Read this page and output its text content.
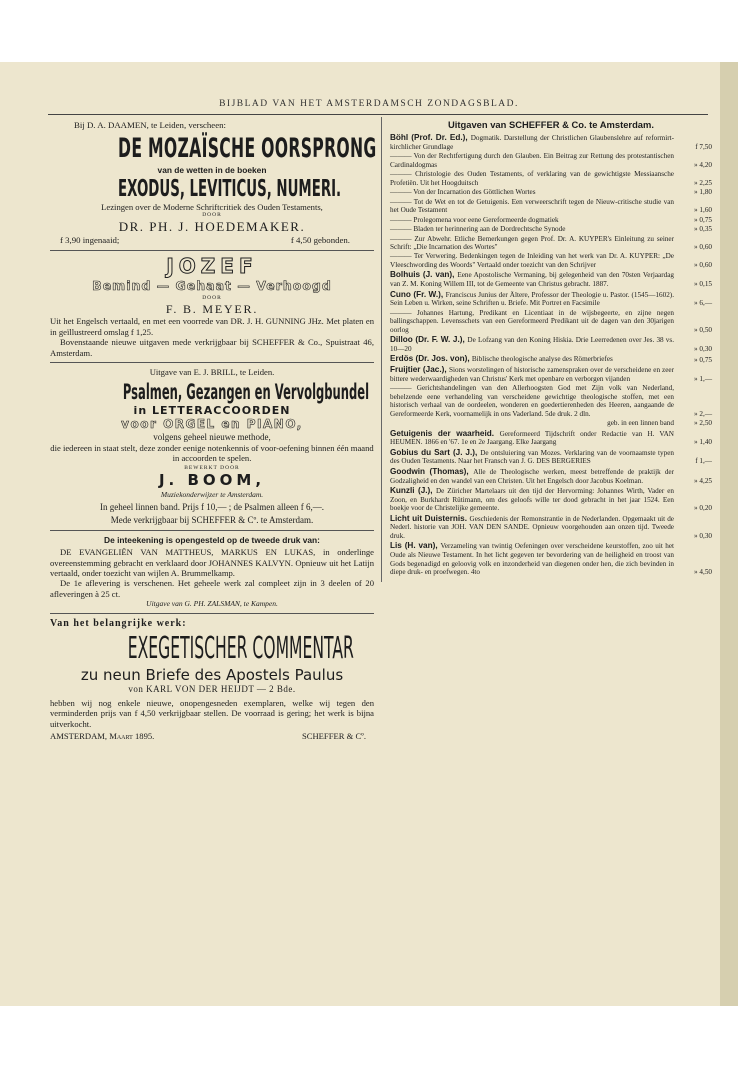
BIJBLAD VAN HET AMSTERDAMSCH ZONDAGSBLAD.
Bij D. A. DAAMEN, te Leiden, verscheen:
DE MOZAÏSCHE OORSPRONG
van de wetten in de boeken
EXODUS, LEVITICUS, NUMERI.
Lezingen over de Moderne Schriftcritiek des Ouden Testaments,
DOOR
DR. PH. J. HOEDEMAKER.
f 3,90 ingenaaid;	f 4,50 gebonden.
JOZEF
Bemind — Gehaat — Verhoogd
DOOR
F. B. MEYER.
Uit het Engelsch vertaald, en met een voorrede van DR. J. H. GUNNING JHz. Met platen en in geïllustreerd omslag f 1,25.
Bovenstaande nieuwe uitgaven mede verkrijgbaar bij SCHEFFER & Co., Spuistraat 46, Amsterdam.
Uitgave van E. J. BRILL, te Leiden.
Psalmen, Gezangen en Vervolgbundel
in LETTERACCOORDEN
voor ORGEL en PIANO,
volgens geheel nieuwe methode,
die iedereen in staat stelt, deze zonder eenige notenkennis of voor-oefening binnen één maand in accoorden te spelen.
BEWERKT DOOR
J. BOOM,
Muziekonderwijzer te Amsterdam.
In geheel linnen band. Prijs f 10,— ; de Psalmen alleen f 6,—.
Mede verkrijgbaar bij SCHEFFER & Cº. te Amsterdam.
De inteekening is opengesteld op de tweede druk van:
DE EVANGELIËN VAN MATTHEUS, MARKUS EN LUKAS, in onderlinge overeenstemming gebracht en verklaard door JOHANNES KALVYN. Opnieuw uit het Latijn vertaald, onder toezicht van wijlen A. Brummelkamp.
De 1e aflevering is verschenen. Het geheele werk zal compleet zijn in 3 deelen of 20 afleveringen à 25 ct.
Uitgave van G. PH. ZALSMAN, te Kampen.
Van het belangrijke werk:
EXEGETISCHER COMMENTAR
zu neun Briefe des Apostels Paulus
von KARL VON DER HEIJDT — 2 Bde.
hebben wij nog enkele nieuwe, onopengesneden exemplaren, welke wij tegen den verminderden prijs van f 4,50 verkrijgbaar stellen. De voorraad is gering; het werk is bijna uitverkocht.
AMSTERDAM, Maart 1895.	SCHEFFER & Cº.
Uitgaven van SCHEFFER & Co. te Amsterdam.
Böhl (Prof. Dr. Ed.), Dogmatik. Darstellung der Christlichen Glaubenslehre auf reformirt-kirchlicher Grundlage	f 7,50
——— Von der Rechtfertigung durch den Glauben. Ein Beitrag zur Rettung des protestantischen Cardinaldogmas	» 4,20
——— Christologie des Ouden Testaments, of verklaring van de gewichtigste Messiaansche Profetiën. Uit het Hoogduitsch	» 2,25
——— Von der Incarnation des Göttlichen Wortes	» 1,80
——— Tot de Wet en tot de Getuigenis. Een verweerschrift tegen de Nieuw-critische studie van het Oude Testament	» 1,60
——— Prolegomena voor eene Gereformeerde dogmatiek	» 0,75
——— Bladen ter herinnering aan de Dordrechtsche Synode	» 0,35
——— Zur Abwehr. Etliche Bemerkungen gegen Prof. Dr. A. KUYPER's Einleitung zu seiner Schrift: „Die Incarnation des Wortes"	» 0,60
——— Ter Verwering. Bedenkingen tegen de Inleiding van het werk van Dr. A. KUYPER: „De Vleeschwording des Woords" Vertaald onder toezicht van den Schrijver	» 0,60
Bolhuis (J. van), Eene Apostolische Vermaning, bij gelegenheid van den 70sten Verjaardag van Z. M. Koning Willem III, tot de Gemeente van Christus gebracht. 1887.	» 0,15
Cuno (Fr. W.), Franciscus Junius der Ältere, Professor der Theologie u. Pastor. (1545—1602). Sein Leben u. Wirken, seine Schriften u. Briefe. Mit Portret en Facsimile	» 6,—
——— Johannes Hartung, Predikant en Licentiaat in de wijsbegeerte, en zijne negen ballingschappen. Levensschets van een Gereformeerd Predikant uit de dagen van den 30jarigen oorlog	» 0,50
Dilloo (Dr. F. W. J.), De Lofzang van den Koning Hiskia. Drie Leerredenen over Jes. 38 vs. 10—20	» 0,30
Erdös (Dr. Jos. von), Biblische theologische analyse des Römerbriefes	» 0,75
Fruijtier (Jac.), Sions worstelingen of historische zamenspraken over de verscheidene en zeer bittere wederwaardigheden van Christus' Kerk met openbare en verborgen vijanden	» 1,—
——— Gerichtshandelingen van den Allerhoogsten God met Zijn volk van Nederland, behelzende eene verhandeling van verscheidene gewichtige theologische stoffen, met een historisch verhaal van de oordeelen, wonderen en goedertierenheden des Heeren, aangaande de Gereformeerde Kerk, voornamelijk in ons Vaderland. 5de druk. 2 dln.	» 2,—
geb. in een linnen band	» 2,50
Getuigenis der waarheid. Gereformeerd Tijdschrift onder Redactie van H. VAN HEUMEN. 1866 en '67. 1e en 2e Jaargang. Elke Jaargang	» 1,40
Gobius du Sart (J. J.), De ontsluiering van Mozes. Verklaring van de voornaamste typen des Ouden Testaments. Naar het Fransch van J. G. DES BERGERIES	f 1,—
Goodwin (Thomas), Alle de Theologische werken, meest betreffende de praktijk der Godzaligheid en den wandel van een Christen. Uit het Engelsch door Jacobus Koelman.	» 4,25
Kunzli (J.), De Züricher Martelaars uit den tijd der Hervorming: Johannes Wirth, Vader en Zoon, en Burkhardt Rütimann, om des geloofs wille ter dood gebracht in het jaar 1524. Een boekje voor de Christelijke gemeente.	» 0,20
Licht uit Duisternis. Geschiedenis der Remonstrantie in de Nederlanden. Opgemaakt uit de Nederl. historie van JOH. VAN DEN SANDE. Opnieuw voorgehouden aan onzen tijd. Tweede druk.	» 0,30
Lis (H. van), Verzameling van twintig Oefeningen over verscheidene keurstoffen, zoo uit het Oude als Nieuwe Testament. In het licht gegeven ter bevordering van de heiligheid en troost van Gods begenadigd en geloovig volk en inzonderheid van diegenen onder hen, die zich bevinden in diepe druk- en proefwegen. 4to	» 4,50
